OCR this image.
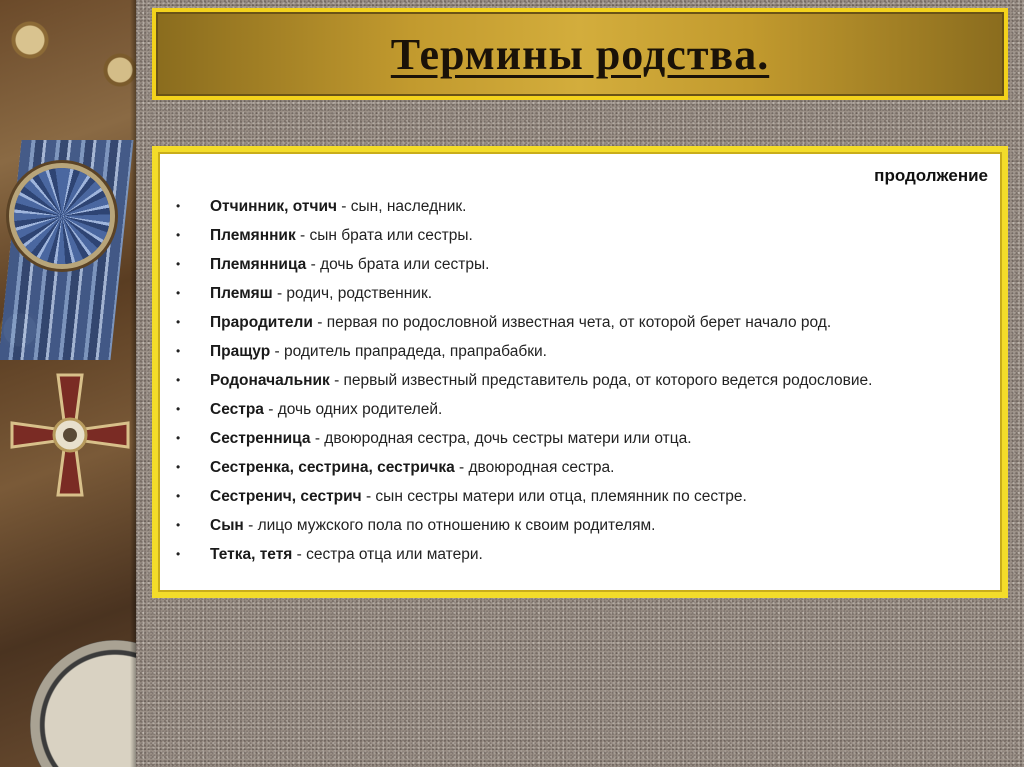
Термины родства.
продолжение
• Отчинник, отчич - сын, наследник.
• Племянник - сын брата или сестры.
• Племянница - дочь брата или сестры.
• Племяш - родич, родственник.
• Прародители - первая по родословной известная чета, от которой берет начало род.
• Пращур - родитель прапрадеда, прапрабабки.
• Родоначальник - первый известный представитель рода, от которого ведется родословие.
• Сестра - дочь одних родителей.
• Сестренница - двоюродная сестра, дочь сестры матери или отца.
• Сестренка, сестрина, сестричка - двоюродная сестра.
• Сестренич, сестрич - сын сестры матери или отца, племянник по сестре.
• Сын - лицо мужского пола по отношению к своим родителям.
• Тетка, тетя - сестра отца или матери.
